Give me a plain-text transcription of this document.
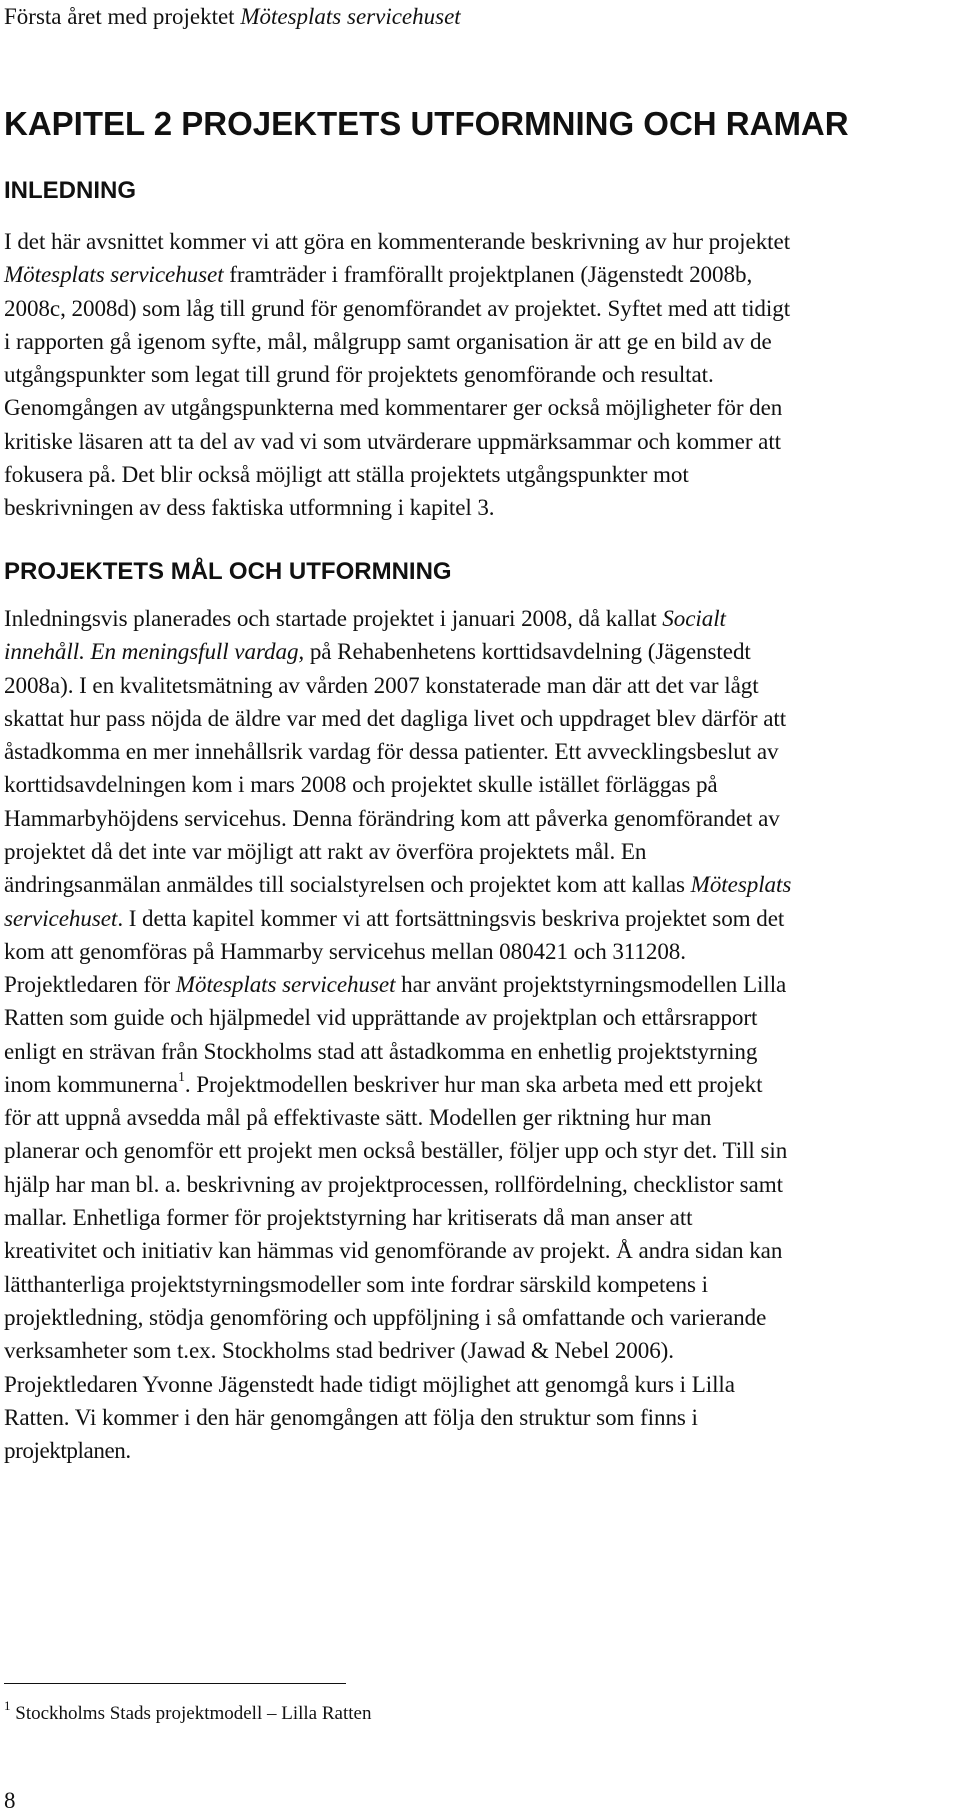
Första året med projektet Mötesplats servicehuset
KAPITEL 2 PROJEKTETS UTFORMNING OCH RAMAR
INLEDNING
I det här avsnittet kommer vi att göra en kommenterande beskrivning av hur projektet
Mötesplats servicehuset framträder i framförallt projektplanen (Jägenstedt 2008b,
2008c, 2008d) som låg till grund för genomförandet av projektet. Syftet med att tidigt
i rapporten gå igenom syfte, mål, målgrupp samt organisation är att ge en bild av de
utgångspunkter som legat till grund för projektets genomförande och resultat.
Genomgången av utgångspunkterna med kommentarer ger också möjligheter för den
kritiske läsaren att ta del av vad vi som utvärderare uppmärksammar och kommer att
fokusera på. Det blir också möjligt att ställa projektets utgångspunkter mot
beskrivningen av dess faktiska utformning i kapitel 3.
PROJEKTETS MÅL OCH UTFORMNING
Inledningsvis planerades och startade projektet i januari 2008, då kallat Socialt
innehåll. En meningsfull vardag, på Rehabenhetens korttidsavdelning (Jägenstedt
2008a). I en kvalitetsmätning av vården 2007 konstaterade man där att det var lågt
skattat hur pass nöjda de äldre var med det dagliga livet och uppdraget blev därför att
åstadkomma en mer innehållsrik vardag för dessa patienter. Ett avvecklingsbeslut av
korttidsavdelningen kom i mars 2008 och projektet skulle istället förläggas på
Hammarbyhöjdens servicehus. Denna förändring kom att påverka genomförandet av
projektet då det inte var möjligt att rakt av överföra projektets mål. En
ändringsanmälan anmäldes till socialstyrelsen och projektet kom att kallas Mötesplats
servicehuset. I detta kapitel kommer vi att fortsättningsvis beskriva projektet som det
kom att genomföras på Hammarby servicehus mellan 080421 och 311208.
Projektledaren för Mötesplats servicehuset har använt projektstyrningsmodellen Lilla
Ratten som guide och hjälpmedel vid upprättande av projektplan och ettårsrapport
enligt en strävan från Stockholms stad att åstadkomma en enhetlig projektstyrning
inom kommunerna$^1$. Projektmodellen beskriver hur man ska arbeta med ett projekt
för att uppnå avsedda mål på effektivaste sätt. Modellen ger riktning hur man
planerar och genomför ett projekt men också beställer, följer upp och styr det. Till sin
hjälp har man bl. a. beskrivning av projektprocessen, rollfördelning, checklistor samt
mallar. Enhetliga former för projektstyrning har kritiserats då man anser att
kreativitet och initiativ kan hämmas vid genomförande av projekt. Å andra sidan kan
lätthanterliga projektstyrningsmodeller som inte fordrar särskild kompetens i
projektledning, stödja genomföring och uppföljning i så omfattande och varierande
verksamheter som t.ex. Stockholms stad bedriver (Jawad & Nebel 2006).
Projektledaren Yvonne Jägenstedt hade tidigt möjlighet att genomgå kurs i Lilla
Ratten. Vi kommer i den här genomgången att följa den struktur som finns i
projektplanen.
$^1$ Stockholms Stads projektmodell – Lilla Ratten
8
